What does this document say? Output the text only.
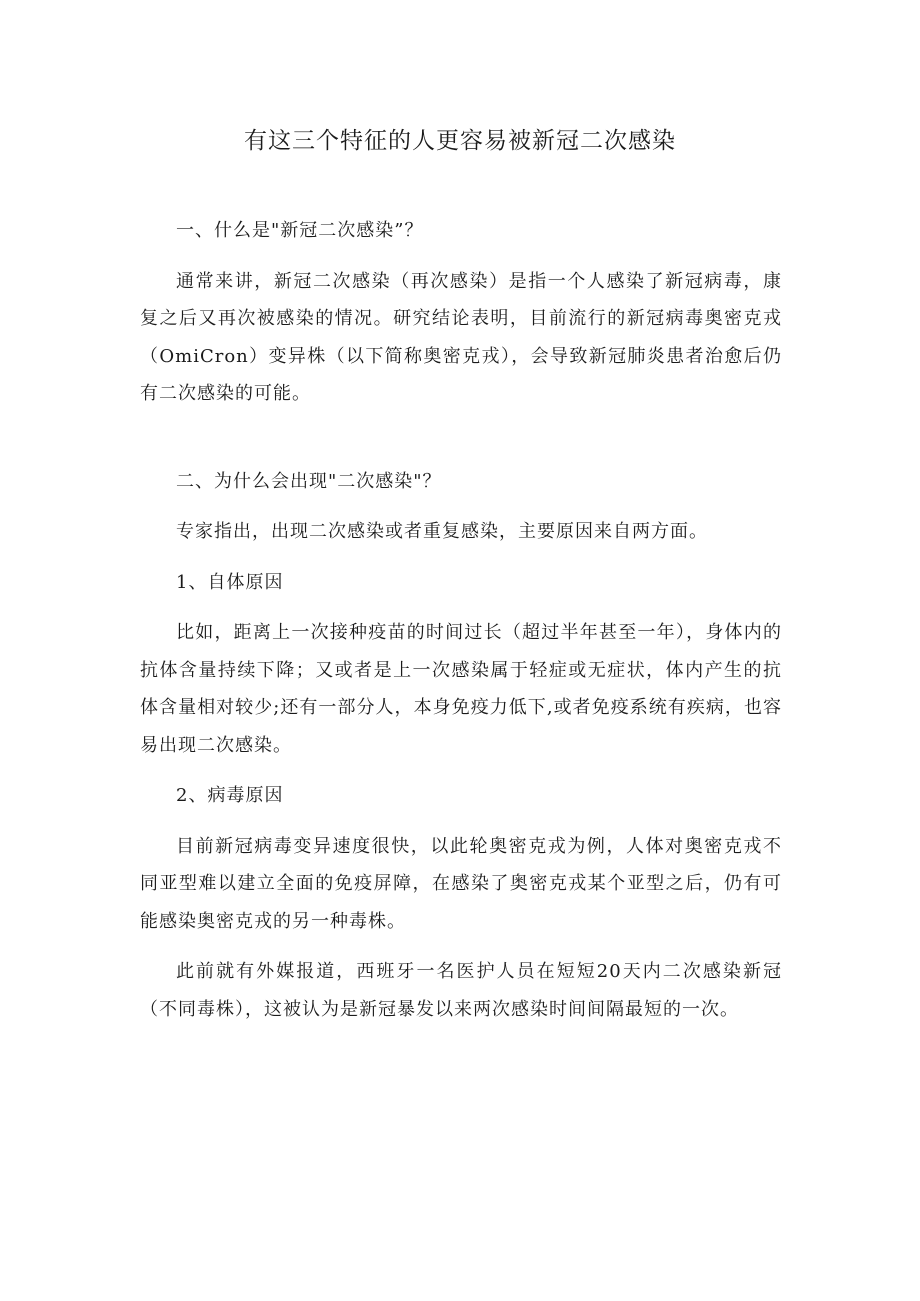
有这三个特征的人更容易被新冠二次感染

一、什么是"新冠二次感染”？

通常来讲，新冠二次感染（再次感染）是指一个人感染了新冠病毒，康复之后又再次被感染的情况。研究结论表明，目前流行的新冠病毒奥密克戎（OmiCron）变异株（以下简称奥密克戎），会导致新冠肺炎患者治愈后仍有二次感染的可能。

二、为什么会出现"二次感染"？

专家指出，出现二次感染或者重复感染，主要原因来自两方面。

1、自体原因

比如，距离上一次接种疫苗的时间过长（超过半年甚至一年），身体内的抗体含量持续下降；又或者是上一次感染属于轻症或无症状，体内产生的抗体含量相对较少;还有一部分人，本身免疫力低下,或者免疫系统有疾病，也容易出现二次感染。

2、病毒原因

目前新冠病毒变异速度很快，以此轮奥密克戎为例，人体对奥密克戎不同亚型难以建立全面的免疫屏障，在感染了奥密克戎某个亚型之后，仍有可能感染奥密克戎的另一种毒株。

此前就有外媒报道，西班牙一名医护人员在短短20天内二次感染新冠（不同毒株），这被认为是新冠暴发以来两次感染时间间隔最短的一次。
